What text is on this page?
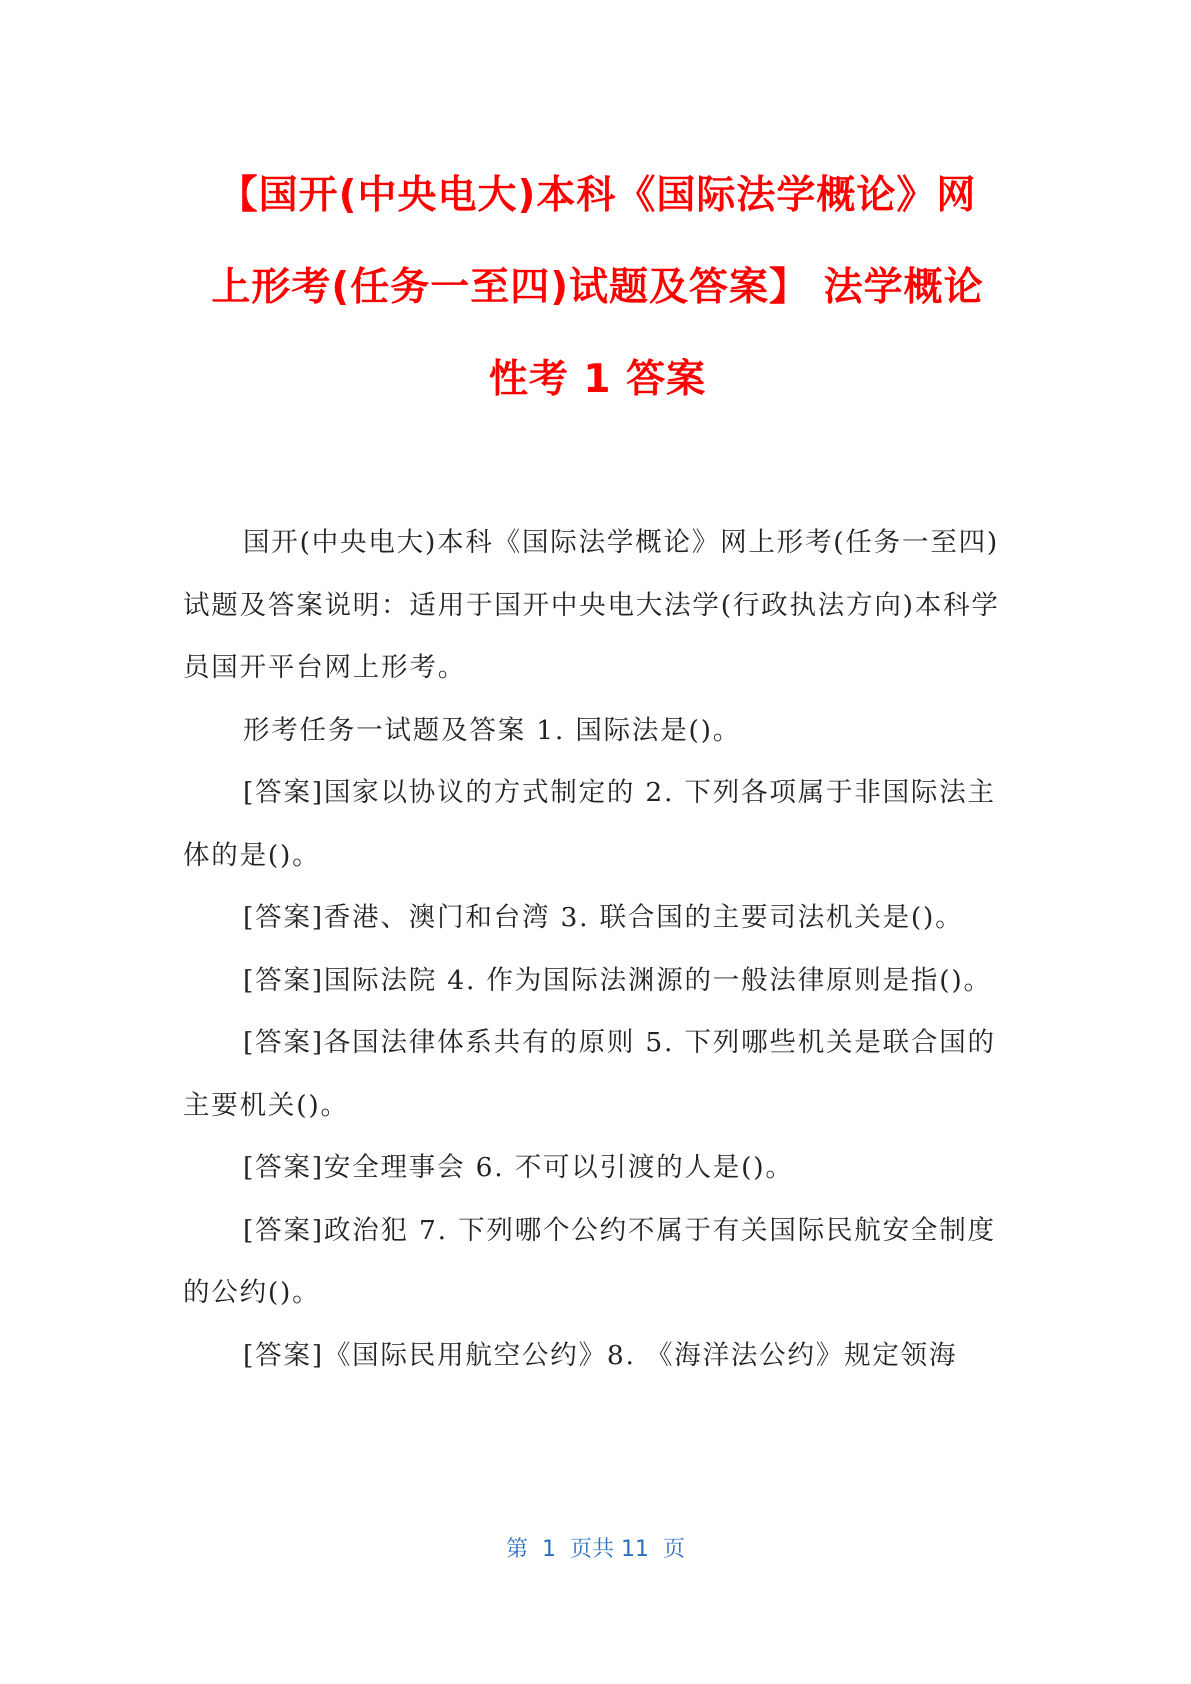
【国开(中央电大)本科《国际法学概论》网
上形考(任务一至四)试题及答案】 法学概论
性考 1 答案

国开(中央电大)本科《国际法学概论》网上形考(任务一至四)试题及答案说明：适用于国开中央电大法学(行政执法方向)本科学员国开平台网上形考。

形考任务一试题及答案 1. 国际法是()。

[答案]国家以协议的方式制定的 2. 下列各项属于非国际法主体的是()。

[答案]香港、澳门和台湾 3. 联合国的主要司法机关是()。

[答案]国际法院 4. 作为国际法渊源的一般法律原则是指()。

[答案]各国法律体系共有的原则 5. 下列哪些机关是联合国的主要机关()。

[答案]安全理事会 6. 不可以引渡的人是()。

[答案]政治犯 7. 下列哪个公约不属于有关国际民航安全制度的公约()。

[答案]《国际民用航空公约》8. 《海洋法公约》规定领海

第  1  页共 11  页
